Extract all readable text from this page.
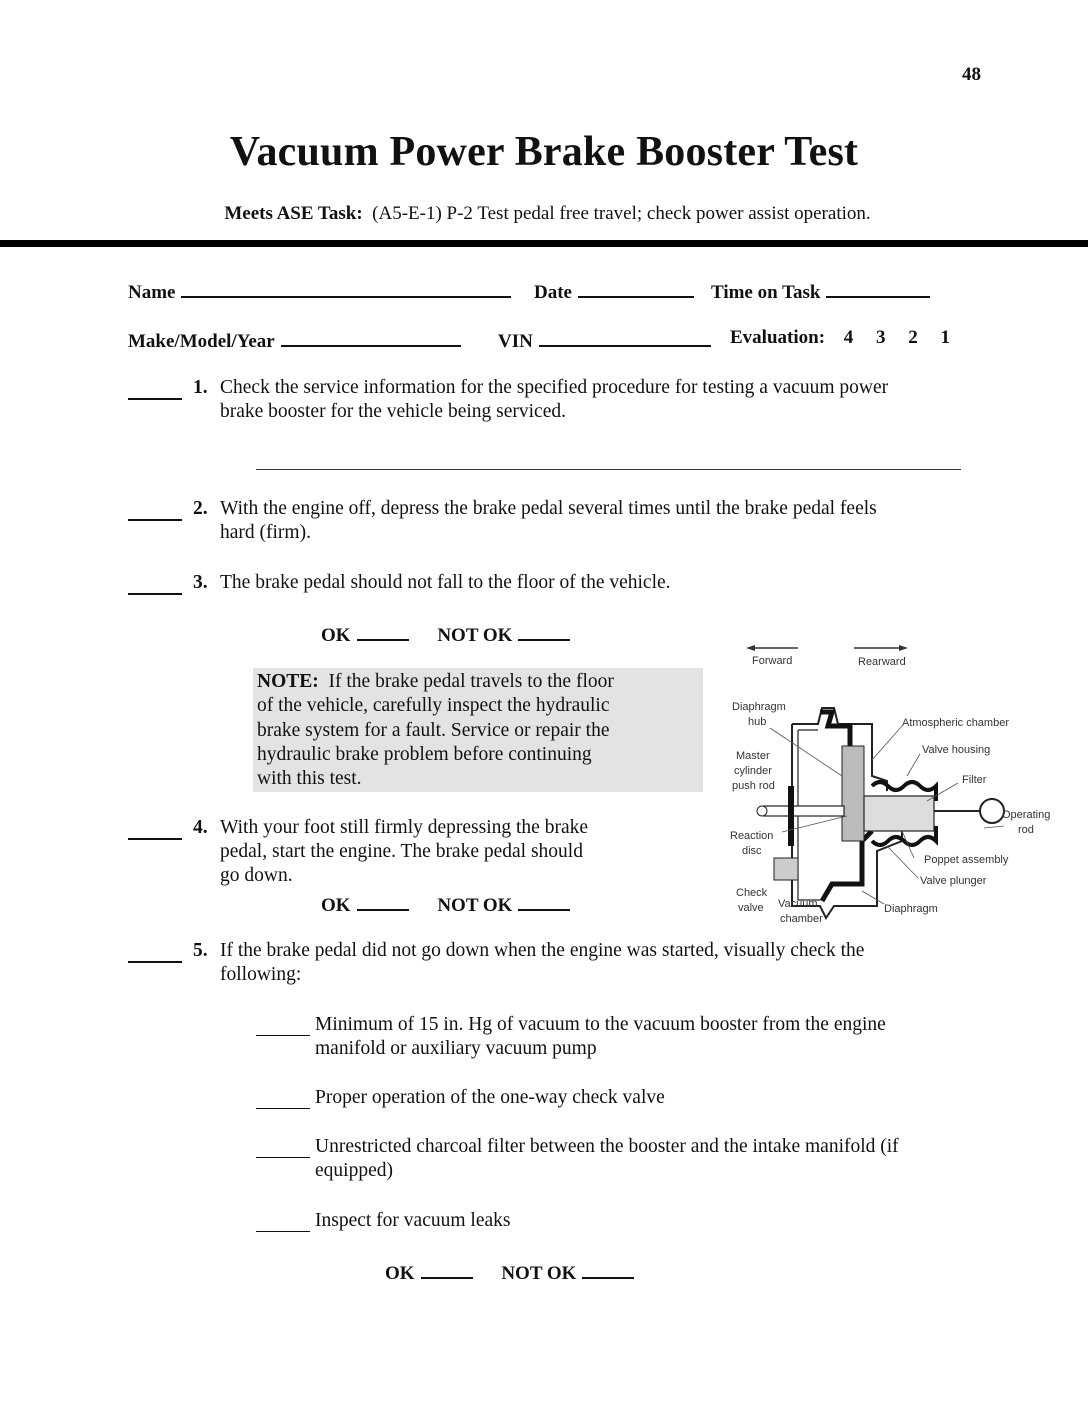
48
Vacuum Power Brake Booster Test
Meets ASE Task: (A5-E-1) P-2 Test pedal free travel; check power assist operation.
Name	Date	Time on Task
Make/Model/Year	VIN	Evaluation: 4 3 2 1
1. Check the service information for the specified procedure for testing a vacuum power
brake booster for the vehicle being serviced.
2. With the engine off, depress the brake pedal several times until the brake pedal feels
hard (firm).
3. The brake pedal should not fall to the floor of the vehicle.
OK	NOT OK
NOTE: If the brake pedal travels to the floor
of the vehicle, carefully inspect the hydraulic
brake system for a fault. Service or repair the
hydraulic brake problem before continuing
with this test.
4. With your foot still firmly depressing the brake
pedal, start the engine. The brake pedal should
go down.
OK	NOT OK
Forward	Rearward
Diaphragm
hub	Atmospheric chamber
Valve housing
Master
cylinder
push rod	Filter
Operating
rod
Reaction
disc
Poppet assembly
Valve plunger
Check
valve Vacuum
chamber
Diaphragm
5. If the brake pedal did not go down when the engine was started, visually check the
following:
Minimum of 15 in. Hg of vacuum to the vacuum booster from the engine
manifold or auxiliary vacuum pump
Proper operation of the one-way check valve
Unrestricted charcoal filter between the booster and the intake manifold (if
equipped)
Inspect for vacuum leaks
OK	NOT OK
